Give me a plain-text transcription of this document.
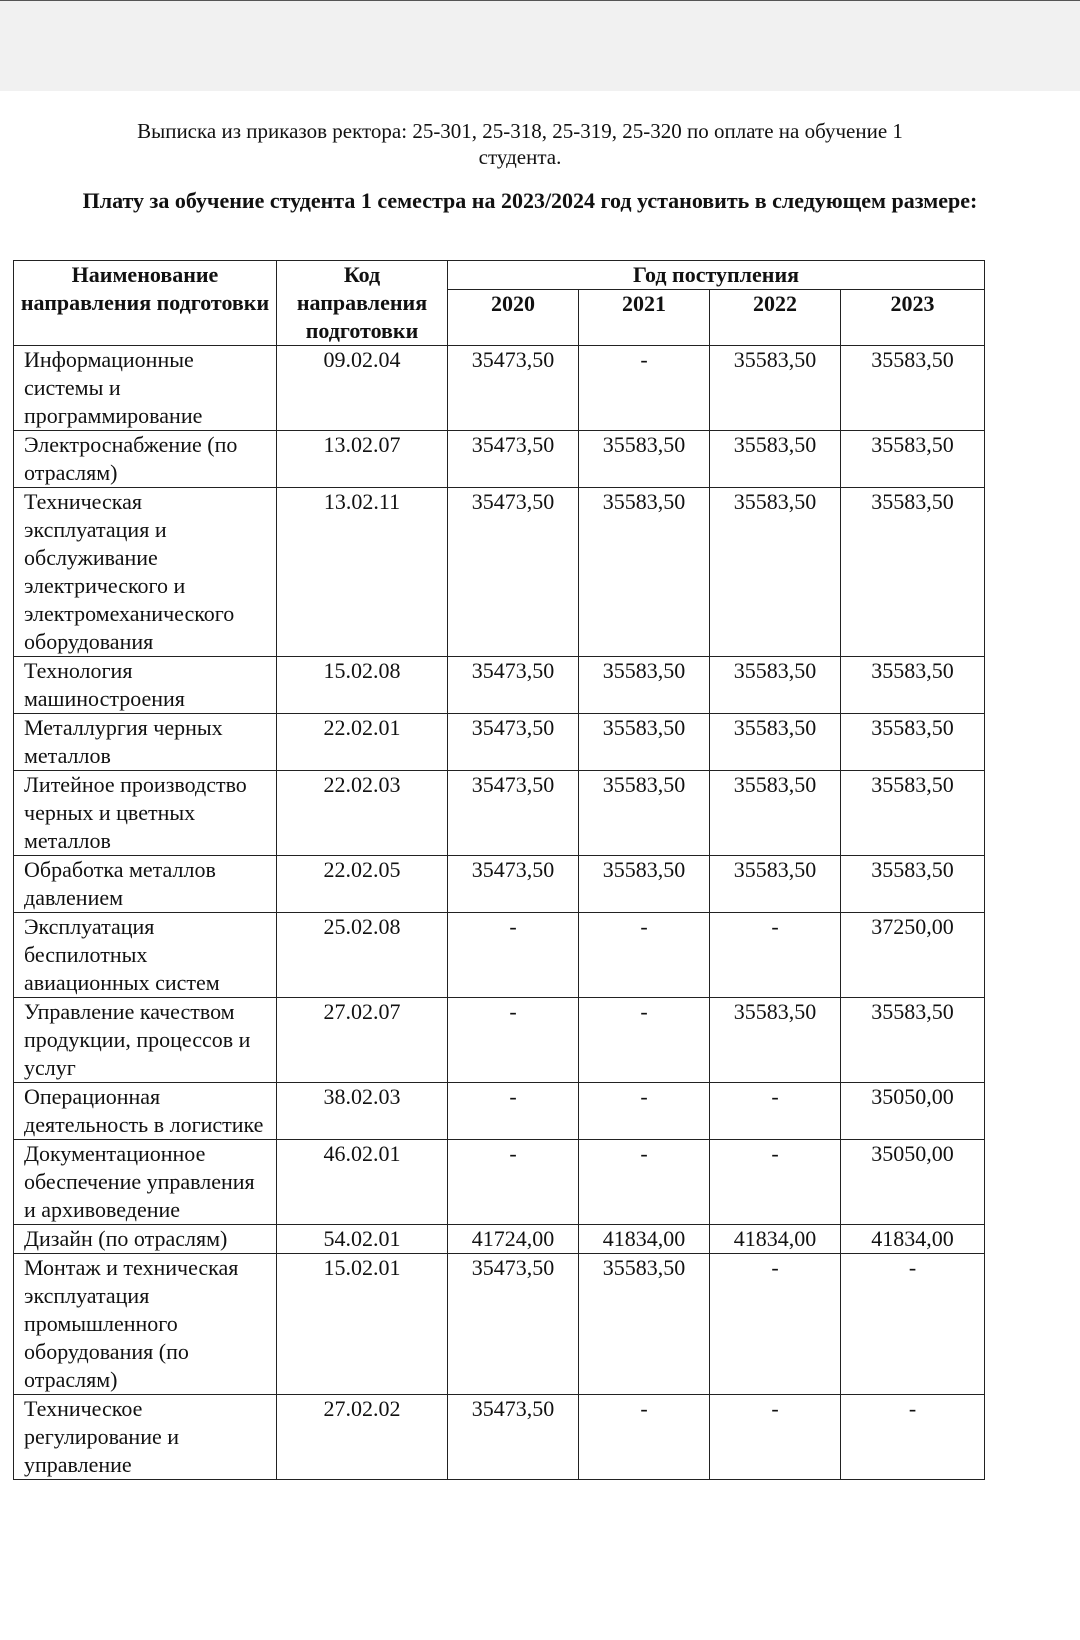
Выписка из приказов ректора: 25-301, 25-318, 25-319, 25-320 по оплате на обучение 1 студента.
Плату за обучение студента 1 семестра на 2023/2024 год установить в следующем размере:
Наименование направления подготовки	Код направления подготовки	Год поступления			
		2020	2021	2022	2023
Информационные системы и программирование	09.02.04	35473,50	-	35583,50	35583,50
Электроснабжение (по отраслям)	13.02.07	35473,50	35583,50	35583,50	35583,50
Техническая эксплуатация и обслуживание электрического и электромеханического оборудования	13.02.11	35473,50	35583,50	35583,50	35583,50
Технология машиностроения	15.02.08	35473,50	35583,50	35583,50	35583,50
Металлургия черных металлов	22.02.01	35473,50	35583,50	35583,50	35583,50
Литейное производство черных и цветных металлов	22.02.03	35473,50	35583,50	35583,50	35583,50
Обработка металлов давлением	22.02.05	35473,50	35583,50	35583,50	35583,50
Эксплуатация беспилотных авиационных систем	25.02.08	-	-	-	37250,00
Управление качеством продукции, процессов и услуг	27.02.07	-	-	35583,50	35583,50
Операционная деятельность в логистике	38.02.03	-	-	-	35050,00
Документационное обеспечение управления и архивоведение	46.02.01	-	-	-	35050,00
Дизайн (по отраслям)	54.02.01	41724,00	41834,00	41834,00	41834,00
Монтаж и техническая эксплуатация промышленного оборудования (по отраслям)	15.02.01	35473,50	35583,50	-	-
Техническое регулирование и управление	27.02.02	35473,50	-	-	-
